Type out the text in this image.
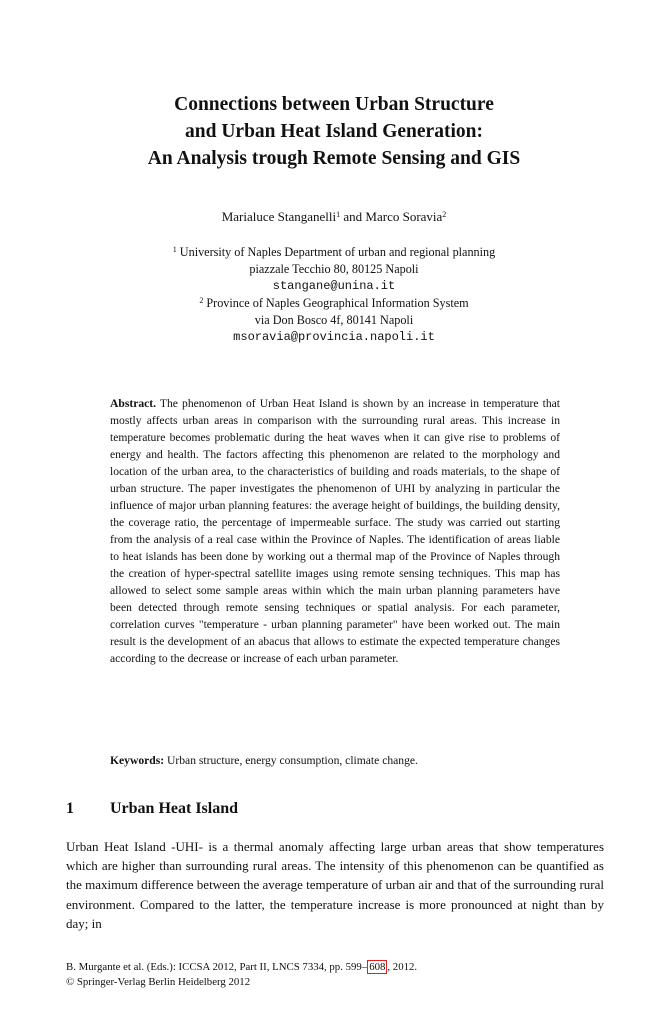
Connections between Urban Structure
and Urban Heat Island Generation:
An Analysis trough Remote Sensing and GIS
Marialuce Stanganelli$^1$ and Marco Soravia$^2$
$^1$ University of Naples Department of urban and regional planning
piazzale Tecchio 80, 80125 Napoli
stangane@unina.it
$^2$ Province of Naples Geographical Information System
via Don Bosco 4f, 80141 Napoli
msoravia@provincia.napoli.it

Abstract. The phenomenon of Urban Heat Island is shown by an increase in temperature that mostly affects urban areas in comparison with the surrounding rural areas. This increase in temperature becomes problematic during the heat waves when it can give rise to problems of energy and health. The factors affecting this phenomenon are related to the morphology and location of the urban area, to the characteristics of building and roads materials, to the shape of urban structure. The paper investigates the phenomenon of UHI by analyzing in particular the influence of major urban planning features: the average height of buildings, the building density, the coverage ratio, the percentage of impermeable surface. The study was carried out starting from the analysis of a real case within the Province of Naples. The identification of areas liable to heat islands has been done by working out a thermal map of the Province of Naples through the creation of hyper-spectral satellite images using remote sensing techniques. This map has allowed to select some sample areas within which the main urban planning parameters have been detected through remote sensing techniques or spatial analysis. For each parameter, correlation curves "temperature - urban planning parameter" have been worked out. The main result is the development of an abacus that allows to estimate the expected temperature changes according to the decrease or increase of each urban parameter.

Keywords: Urban structure, energy consumption, climate change.
1 Urban Heat Island

Urban Heat Island -UHI- is a thermal anomaly affecting large urban areas that show temperatures which are higher than surrounding rural areas. The intensity of this phenomenon can be quantified as the maximum difference between the average temperature of urban air and that of the surrounding rural environment. Compared to the latter, the temperature increase is more pronounced at night than by day; in

B. Murgante et al. (Eds.): ICCSA 2012, Part II, LNCS 7334, pp. 599– 608 , 2012.
© Springer-Verlag Berlin Heidelberg 2012
